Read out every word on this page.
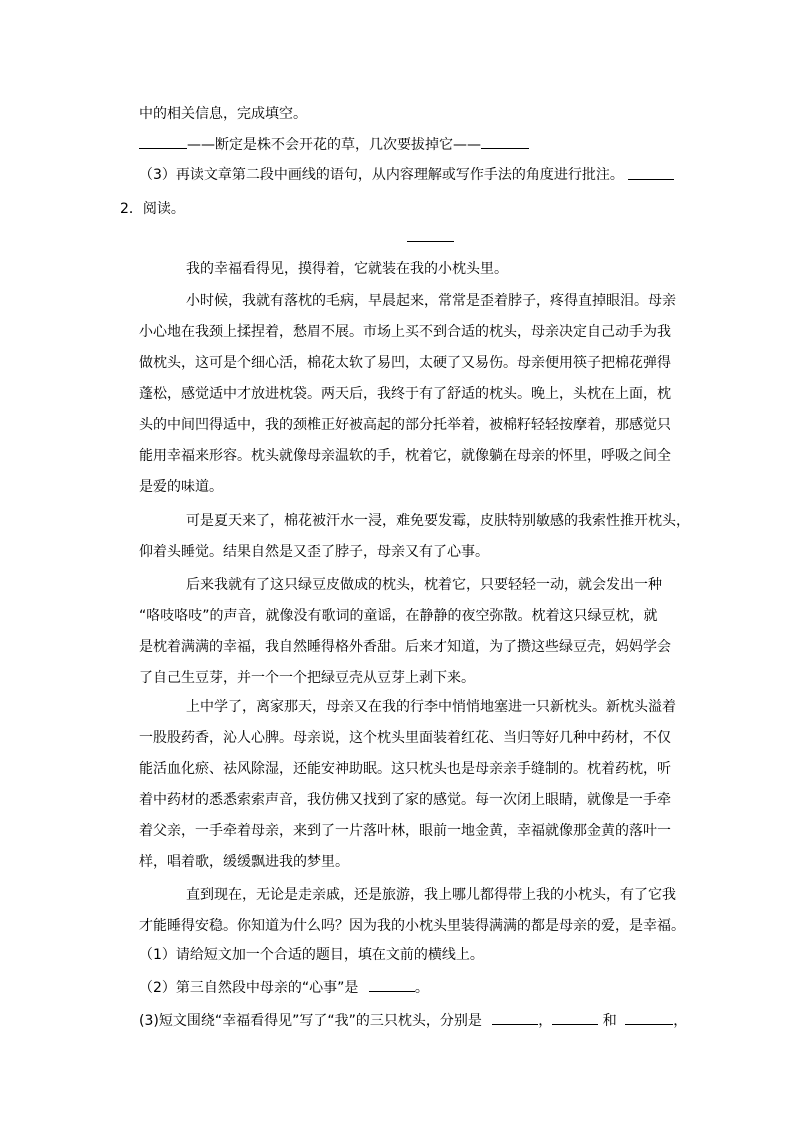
中的相关信息，完成填空。
——断定是株不会开花的草，几次要拔掉它——
（3）再读文章第二段中画线的语句，从内容理解或写作手法的角度进行批注。
2．阅读。
我的幸福看得见，摸得着，它就装在我的小枕头里。
小时候，我就有落枕的毛病，早晨起来，常常是歪着脖子，疼得直掉眼泪。母亲
小心地在我颈上揉捏着，愁眉不展。市场上买不到合适的枕头，母亲决定自己动手为我
做枕头，这可是个细心活，棉花太软了易凹，太硬了又易伤。母亲便用筷子把棉花弹得
蓬松，感觉适中才放进枕袋。两天后，我终于有了舒适的枕头。晚上，头枕在上面，枕
头的中间凹得适中，我的颈椎正好被高起的部分托举着，被棉籽轻轻按摩着，那感觉只
能用幸福来形容。枕头就像母亲温软的手，枕着它，就像躺在母亲的怀里，呼吸之间全
是爱的味道。
可是夏天来了，棉花被汗水一浸，难免要发霉，皮肤特别敏感的我索性推开枕头，
仰着头睡觉。结果自然是又歪了脖子，母亲又有了心事。
后来我就有了这只绿豆皮做成的枕头，枕着它，只要轻轻一动，就会发出一种
“咯吱咯吱”的声音，就像没有歌词的童谣，在静静的夜空弥散。枕着这只绿豆枕，就
是枕着满满的幸福，我自然睡得格外香甜。后来才知道，为了攒这些绿豆壳，妈妈学会
了自己生豆芽，并一个一个把绿豆壳从豆芽上剥下来。
上中学了，离家那天，母亲又在我的行李中悄悄地塞进一只新枕头。新枕头溢着
一股股药香，沁人心脾。母亲说，这个枕头里面装着红花、当归等好几种中药材，不仅
能活血化瘀、祛风除湿，还能安神助眠。这只枕头也是母亲亲手缝制的。枕着药枕，听
着中药材的悉悉索索声音，我仿佛又找到了家的感觉。每一次闭上眼睛，就像是一手牵
着父亲，一手牵着母亲，来到了一片落叶林，眼前一地金黄，幸福就像那金黄的落叶一
样，唱着歌，缓缓飘进我的梦里。
直到现在，无论是走亲戚，还是旅游，我上哪儿都得带上我的小枕头，有了它我
才能睡得安稳。你知道为什么吗？因为我的小枕头里装得满满的都是母亲的爱，是幸福。
（1）请给短文加一个合适的题目，填在文前的横线上。
（2）第三自然段中母亲的“心事”是	。
(3)短文围绕“幸福看得见”写了“我”的三只枕头，分别是	，	和	，
